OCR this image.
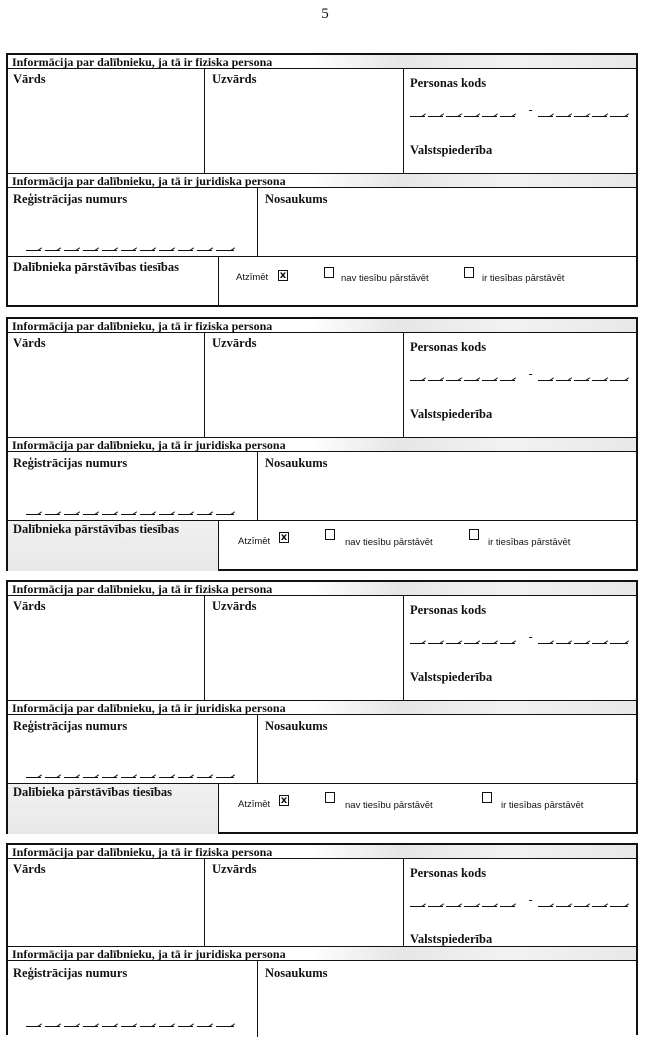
5
Informācija par dalībnieku, ja tā ir fiziska persona
Vārds	Uzvārds	Personas kods
-
Valstspiederība
Informācija par dalībnieku, ja tā ir juridiska persona
Reģistrācijas numurs	Nosaukums
Dalībnieka pārstāvības tiesības
Atzīmēt x	nav tiesību pārstāvēt	ir tiesības pārstāvēt
Informācija par dalībnieku, ja tā ir fiziska persona
Vārds	Uzvārds	Personas kods
-
Valstspiederība
Informācija par dalībnieku, ja tā ir juridiska persona
Reģistrācijas numurs	Nosaukums
Dalībnieka pārstāvības tiesības
Atzīmēt x	nav tiesību pārstāvēt	ir tiesības pārstāvēt
Informācija par dalībnieku, ja tā ir fiziska persona
Vārds	Uzvārds	Personas kods
-
Valstspiederība
Informācija par dalībnieku, ja tā ir juridiska persona
Reģistrācijas numurs	Nosaukums
Dalībieka pārstāvības tiesības
Atzīmēt x	nav tiesību pārstāvēt	ir tiesības pārstāvēt
Informācija par dalībnieku, ja tā ir fiziska persona
Vārds	Uzvārds	Personas kods
-
Valstspiederība
Informācija par dalībnieku, ja tā ir juridiska persona
Reģistrācijas numurs	Nosaukums
